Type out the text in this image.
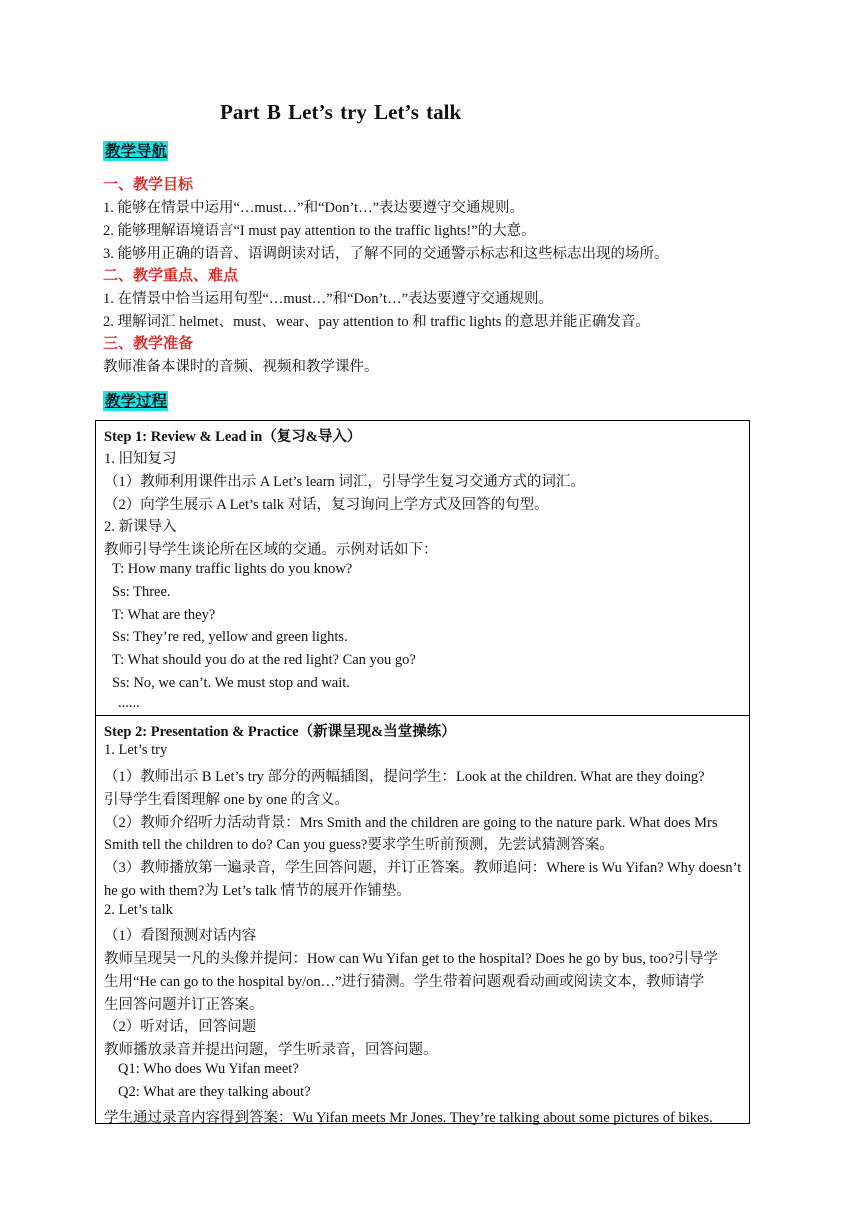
Part B Let’s try Let’s talk
教学导航
一、教学目标
1. 能够在情景中运用“…must…”和“Don’t…”表达要遵守交通规则。
2. 能够理解语境语言“I must pay attention to the traffic lights!”的大意。
3. 能够用正确的语音、语调朗读对话，了解不同的交通警示标志和这些标志出现的场所。
二、教学重点、难点
1. 在情景中恰当运用句型“…must…”和“Don’t…”表达要遵守交通规则。
2. 理解词汇 helmet、must、wear、pay attention to 和 traffic lights 的意思并能正确发音。
三、教学准备
教师准备本课时的音频、视频和教学课件。
教学过程
Step 1: Review & Lead in（复习&导入）
1. 旧知复习
（1）教师利用课件出示 A Let’s learn 词汇，引导学生复习交通方式的词汇。
（2）向学生展示 A Let’s talk 对话，复习询问上学方式及回答的句型。
2. 新课导入
教师引导学生谈论所在区域的交通。示例对话如下：
T: How many traffic lights do you know?
Ss: Three.
T: What are they?
Ss: They’re red, yellow and green lights.
T: What should you do at the red light? Can you go?
Ss: No, we can’t. We must stop and wait.
......
Step 2: Presentation & Practice（新课呈现&当堂操练）
1. Let’s try
（1）教师出示 B Let’s try 部分的两幅插图，提问学生：Look at the children. What are they doing?
引导学生看图理解 one by one 的含义。
（2）教师介绍听力活动背景：Mrs Smith and the children are going to the nature park. What does Mrs
Smith tell the children to do? Can you guess?要求学生听前预测，先尝试猜测答案。
（3）教师播放第一遍录音，学生回答问题，并订正答案。教师追问：Where is Wu Yifan? Why doesn’t
he go with them?为 Let’s talk 情节的展开作铺垫。
2. Let’s talk
（1）看图预测对话内容
教师呈现吴一凡的头像并提问：How can Wu Yifan get to the hospital? Does he go by bus, too?引导学
生用“He can go to the hospital by/on…”进行猜测。学生带着问题观看动画或阅读文本，教师请学
生回答问题并订正答案。
（2）听对话，回答问题
教师播放录音并提出问题，学生听录音，回答问题。
Q1: Who does Wu Yifan meet?
Q2: What are they talking about?
学生通过录音内容得到答案：Wu Yifan meets Mr Jones. They’re talking about some pictures of bikes.
